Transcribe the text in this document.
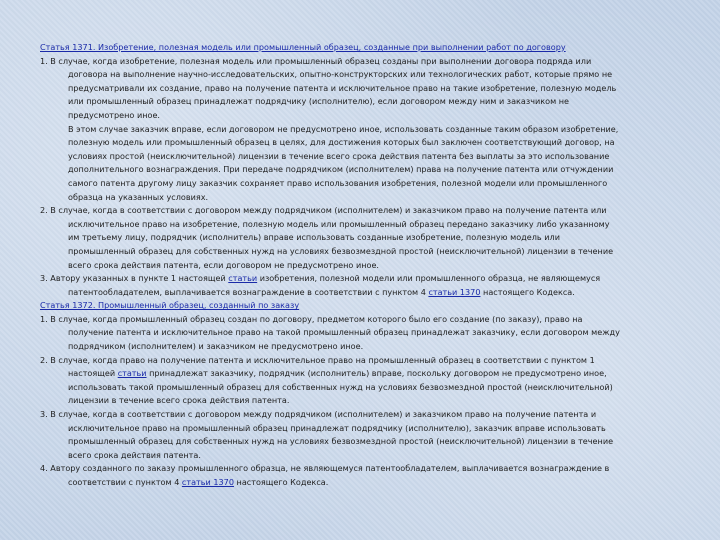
Статья 1371. Изобретение, полезная модель или промышленный образец, созданные при выполнении работ по договору
1. В случае, когда изобретение, полезная модель или промышленный образец созданы при выполнении договора подряда или
договора на выполнение научно-исследовательских, опытно-конструкторских или технологических работ, которые прямо не
предусматривали их создание, право на получение патента и исключительное право на такие изобретение, полезную модель
или промышленный образец принадлежат подрядчику (исполнителю), если договором между ним и заказчиком не
предусмотрено иное.
В этом случае заказчик вправе, если договором не предусмотрено иное, использовать созданные таким образом изобретение,
полезную модель или промышленный образец в целях, для достижения которых был заключен соответствующий договор, на
условиях простой (неисключительной) лицензии в течение всего срока действия патента без выплаты за это использование
дополнительного вознаграждения. При передаче подрядчиком (исполнителем) права на получение патента или отчуждении
самого патента другому лицу заказчик сохраняет право использования изобретения, полезной модели или промышленного
образца на указанных условиях.
2. В случае, когда в соответствии с договором между подрядчиком (исполнителем) и заказчиком право на получение патента или
исключительное право на изобретение, полезную модель или промышленный образец передано заказчику либо указанному
им третьему лицу, подрядчик (исполнитель) вправе использовать созданные изобретение, полезную модель или
промышленный образец для собственных нужд на условиях безвозмездной простой (неисключительной) лицензии в течение
всего срока действия патента, если договором не предусмотрено иное.
3. Автору указанных в пункте 1 настоящей статьи изобретения, полезной модели или промышленного образца, не являющемуся
патентообладателем, выплачивается вознаграждение в соответствии с пунктом 4 статьи 1370 настоящего Кодекса.
Статья 1372. Промышленный образец, созданный по заказу
1. В случае, когда промышленный образец создан по договору, предметом которого было его создание (по заказу), право на
получение патента и исключительное право на такой промышленный образец принадлежат заказчику, если договором между
подрядчиком (исполнителем) и заказчиком не предусмотрено иное.
2. В случае, когда право на получение патента и исключительное право на промышленный образец в соответствии с пунктом 1
настоящей статьи принадлежат заказчику, подрядчик (исполнитель) вправе, поскольку договором не предусмотрено иное,
использовать такой промышленный образец для собственных нужд на условиях безвозмездной простой (неисключительной)
лицензии в течение всего срока действия патента.
3. В случае, когда в соответствии с договором между подрядчиком (исполнителем) и заказчиком право на получение патента и
исключительное право на промышленный образец принадлежат подрядчику (исполнителю), заказчик вправе использовать
промышленный образец для собственных нужд на условиях безвозмездной простой (неисключительной) лицензии в течение
всего срока действия патента.
4. Автору созданного по заказу промышленного образца, не являющемуся патентообладателем, выплачивается вознаграждение в
соответствии с пунктом 4 статьи 1370 настоящего Кодекса.
